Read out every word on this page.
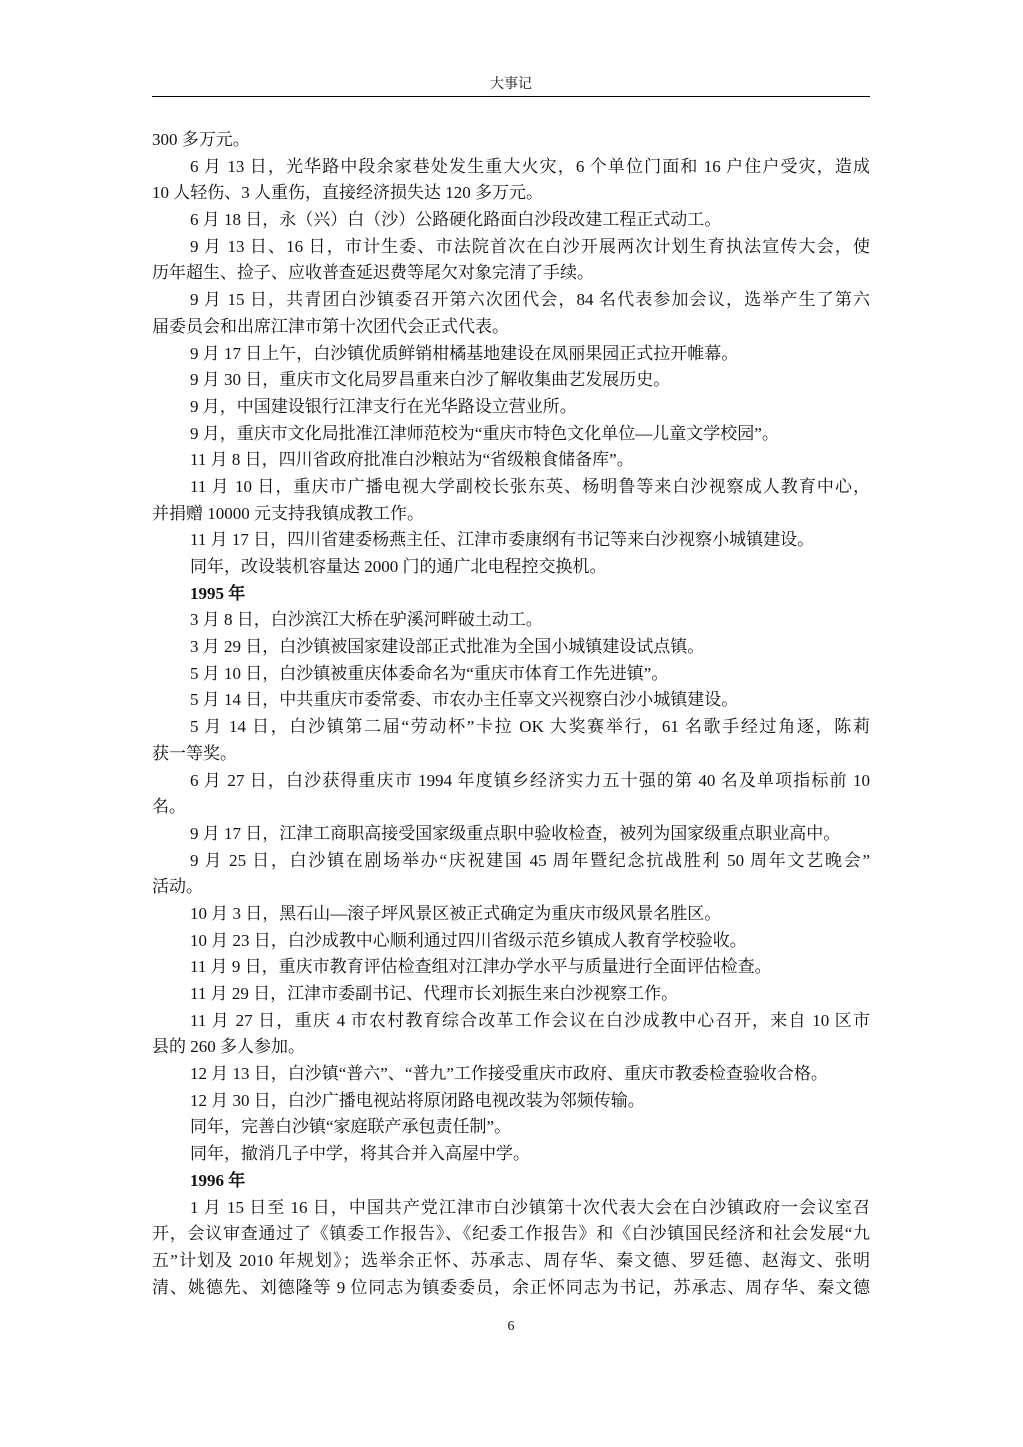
大事记
300 多万元。
6 月 13 日，光华路中段余家巷处发生重大火灾，6 个单位门面和 16 户住户受灾，造成
10 人轻伤、3 人重伤，直接经济损失达 120 多万元。
6 月 18 日，永（兴）白（沙）公路硬化路面白沙段改建工程正式动工。
9 月 13 日、16 日，市计生委、市法院首次在白沙开展两次计划生育执法宣传大会，使
历年超生、捡子、应收普查延迟费等尾欠对象完清了手续。
9 月 15 日，共青团白沙镇委召开第六次团代会，84 名代表参加会议，选举产生了第六
届委员会和出席江津市第十次团代会正式代表。
9 月 17 日上午，白沙镇优质鲜销柑橘基地建设在凤丽果园正式拉开帷幕。
9 月 30 日，重庆市文化局罗昌重来白沙了解收集曲艺发展历史。
9 月，中国建设银行江津支行在光华路设立营业所。
9 月，重庆市文化局批准江津师范校为“重庆市特色文化单位—儿童文学校园”。
11 月 8 日，四川省政府批准白沙粮站为“省级粮食储备库”。
11 月 10 日，重庆市广播电视大学副校长张东英、杨明鲁等来白沙视察成人教育中心，
并捐赠 10000 元支持我镇成教工作。
11 月 17 日，四川省建委杨燕主任、江津市委康纲有书记等来白沙视察小城镇建设。
同年，改设装机容量达 2000 门的通广北电程控交换机。
1995 年
3 月 8 日，白沙滨江大桥在驴溪河畔破土动工。
3 月 29 日，白沙镇被国家建设部正式批准为全国小城镇建设试点镇。
5 月 10 日，白沙镇被重庆体委命名为“重庆市体育工作先进镇”。
5 月 14 日，中共重庆市委常委、市农办主任辜文兴视察白沙小城镇建设。
5 月 14 日，白沙镇第二届“劳动杯”卡拉 OK 大奖赛举行，61 名歌手经过角逐，陈莉
获一等奖。
6 月 27 日，白沙获得重庆市 1994 年度镇乡经济实力五十强的第 40 名及单项指标前 10
名。
9 月 17 日，江津工商职高接受国家级重点职中验收检查，被列为国家级重点职业高中。
9 月 25 日，白沙镇在剧场举办“庆祝建国 45 周年暨纪念抗战胜利 50 周年文艺晚会”
活动。
10 月 3 日，黑石山—滚子坪风景区被正式确定为重庆市级风景名胜区。
10 月 23 日，白沙成教中心顺利通过四川省级示范乡镇成人教育学校验收。
11 月 9 日，重庆市教育评估检查组对江津办学水平与质量进行全面评估检查。
11 月 29 日，江津市委副书记、代理市长刘振生来白沙视察工作。
11 月 27 日，重庆 4 市农村教育综合改革工作会议在白沙成教中心召开，来自 10 区市
县的 260 多人参加。
12 月 13 日，白沙镇“普六”、“普九”工作接受重庆市政府、重庆市教委检查验收合格。
12 月 30 日，白沙广播电视站将原闭路电视改装为邻频传输。
同年，完善白沙镇“家庭联产承包责任制”。
同年，撤消几子中学，将其合并入高屋中学。
1996 年
1 月 15 日至 16 日，中国共产党江津市白沙镇第十次代表大会在白沙镇政府一会议室召
开，会议审查通过了《镇委工作报告》、《纪委工作报告》和《白沙镇国民经济和社会发展“九
五”计划及 2010 年规划》；选举余正怀、苏承志、周存华、秦文德、罗廷德、赵海文、张明
清、姚德先、刘德隆等 9 位同志为镇委委员，余正怀同志为书记，苏承志、周存华、秦文德
6
